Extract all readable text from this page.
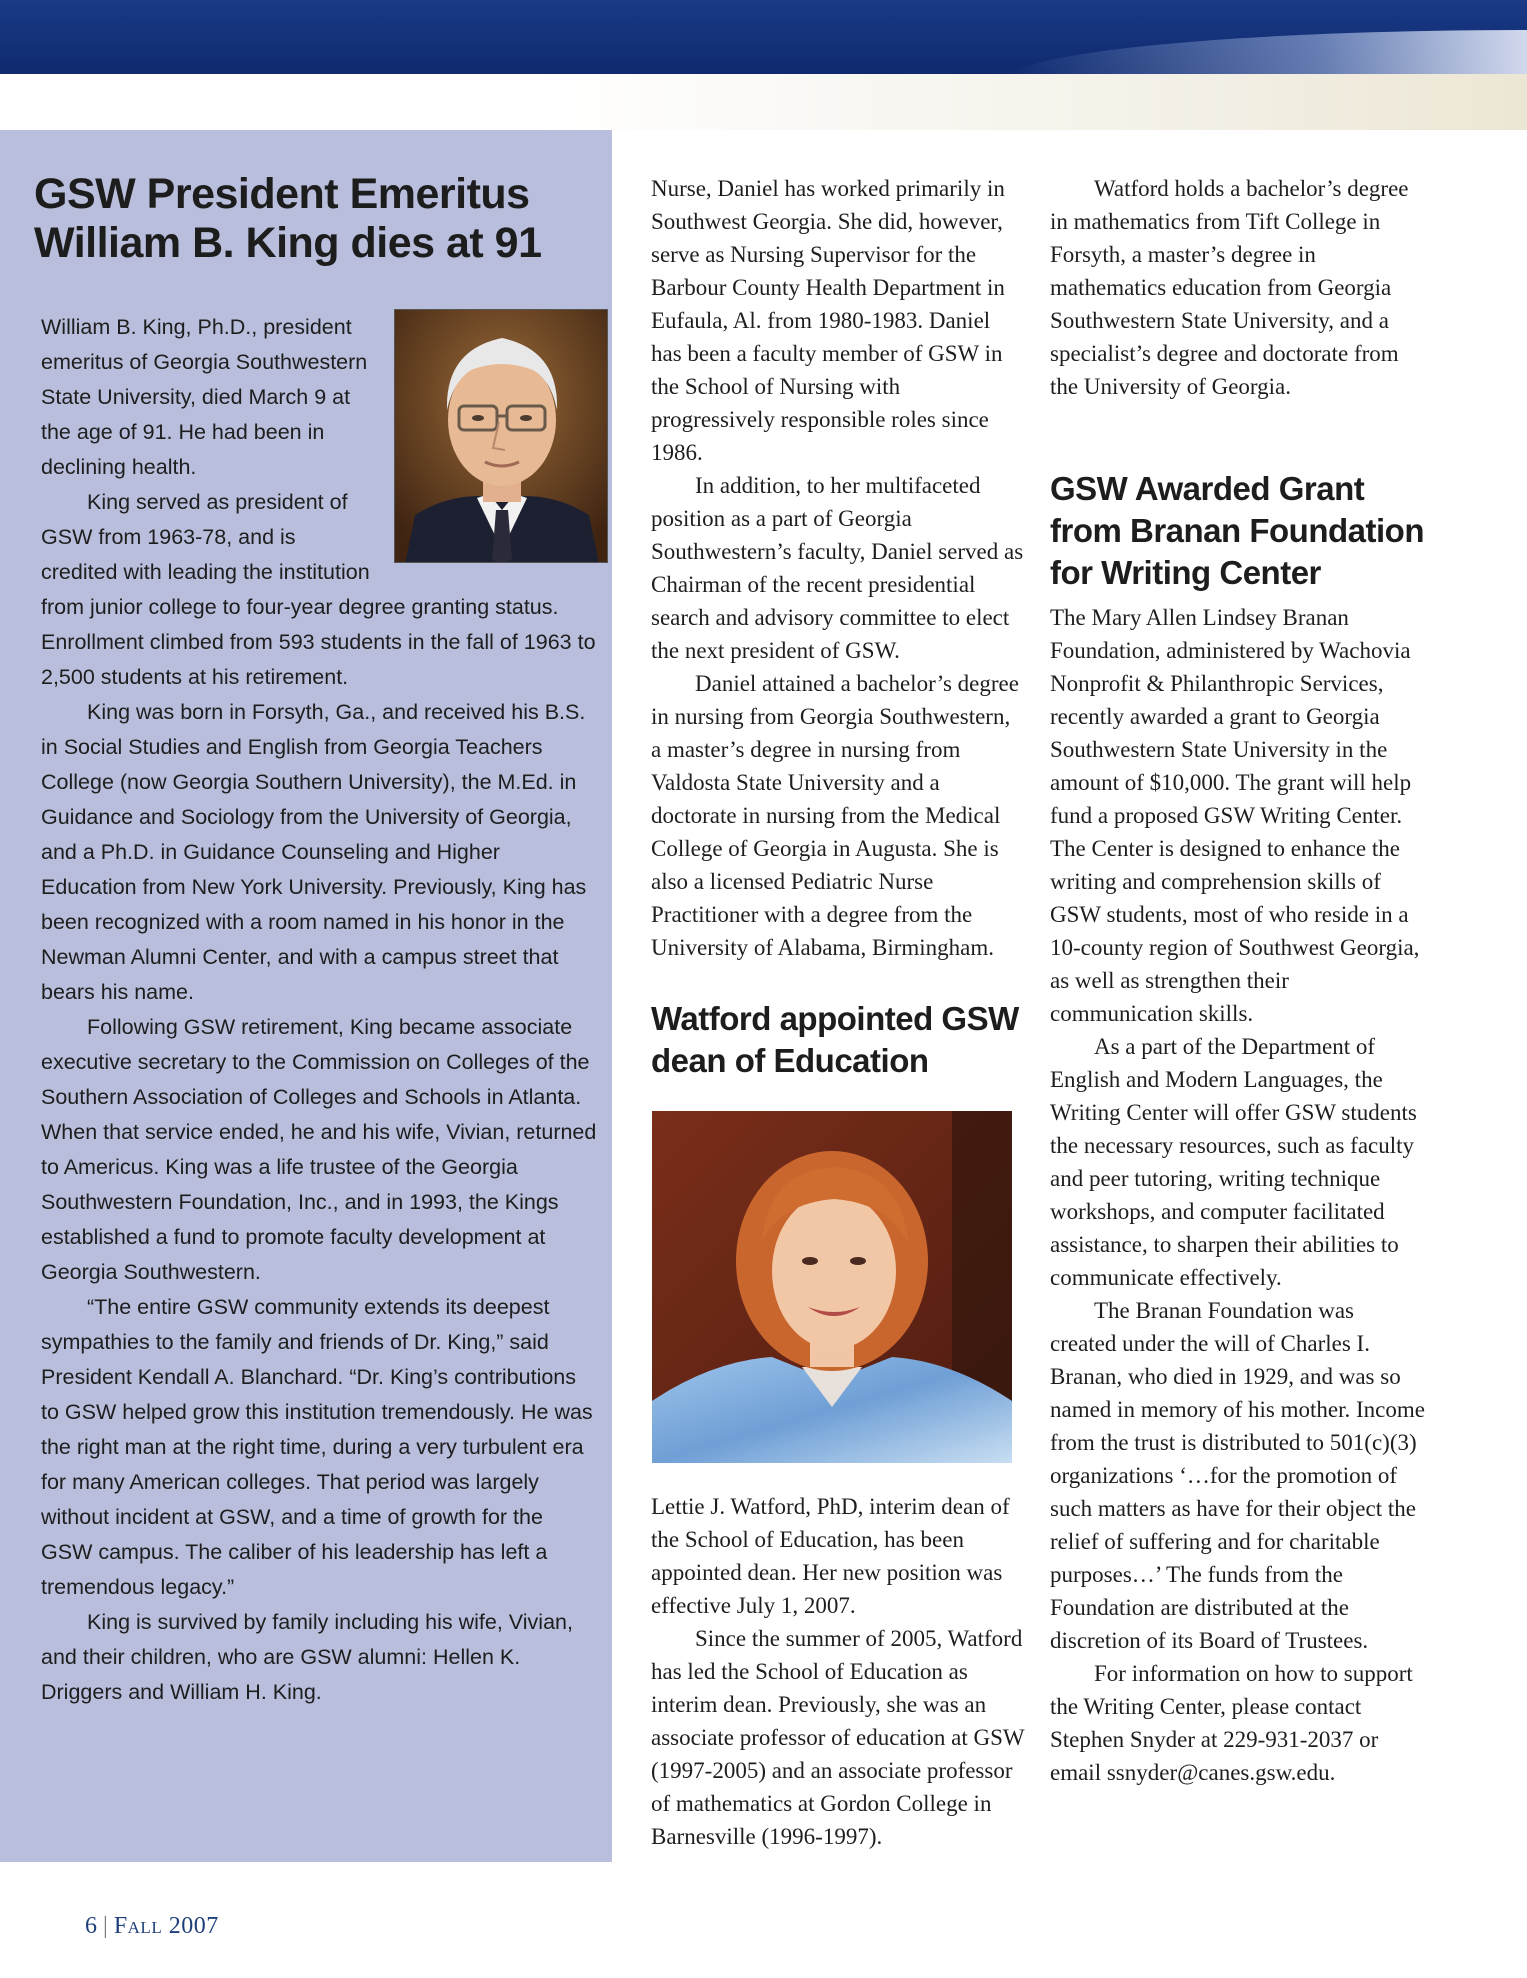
GSW President Emeritus William B. King dies at 91

William B. King, Ph.D., president emeritus of Georgia Southwestern State University, died March 9 at the age of 91. He had been in declining health.

King served as president of GSW from 1963-78, and is credited with leading the institution from junior college to four-year degree granting status. Enrollment climbed from 593 students in the fall of 1963 to 2,500 students at his retirement.

King was born in Forsyth, Ga., and received his B.S. in Social Studies and English from Georgia Teachers College (now Georgia Southern University), the M.Ed. in Guidance and Sociology from the University of Georgia, and a Ph.D. in Guidance Counseling and Higher Education from New York University. Previously, King has been recognized with a room named in his honor in the Newman Alumni Center, and with a campus street that bears his name.

Following GSW retirement, King became associate executive secretary to the Commission on Colleges of the Southern Association of Colleges and Schools in Atlanta. When that service ended, he and his wife, Vivian, returned to Americus. King was a life trustee of the Georgia Southwestern Foundation, Inc., and in 1993, the Kings established a fund to promote faculty development at Georgia Southwestern.

“The entire GSW community extends its deepest sympathies to the family and friends of Dr. King,” said President Kendall A. Blanchard. “Dr. King’s contributions to GSW helped grow this institution tremendously. He was the right man at the right time, during a very turbulent era for many American colleges. That period was largely without incident at GSW, and a time of growth for the GSW campus. The caliber of his leadership has left a tremendous legacy.”

King is survived by family including his wife, Vivian, and their children, who are GSW alumni: Hellen K. Driggers and William H. King.

Nurse, Daniel has worked primarily in Southwest Georgia. She did, however, serve as Nursing Supervisor for the Barbour County Health Department in Eufaula, Al. from 1980-1983. Daniel has been a faculty member of GSW in the School of Nursing with progressively responsible roles since 1986.

In addition, to her multifaceted position as a part of Georgia Southwestern’s faculty, Daniel served as Chairman of the recent presidential search and advisory committee to elect the next president of GSW.

Daniel attained a bachelor’s degree in nursing from Georgia Southwestern, a master’s degree in nursing from Valdosta State University and a doctorate in nursing from the Medical College of Georgia in Augusta. She is also a licensed Pediatric Nurse Practitioner with a degree from the University of Alabama, Birmingham.

Watford appointed GSW dean of Education

Lettie J. Watford, PhD, interim dean of the School of Education, has been appointed dean. Her new position was effective July 1, 2007.

Since the summer of 2005, Watford has led the School of Education as interim dean. Previously, she was an associate professor of education at GSW (1997-2005) and an associate professor of mathematics at Gordon College in Barnesville (1996-1997).

Watford holds a bachelor’s degree in mathematics from Tift College in Forsyth, a master’s degree in mathematics education from Georgia Southwestern State University, and a specialist’s degree and doctorate from the University of Georgia.

GSW Awarded Grant from Branan Foundation for Writing Center

The Mary Allen Lindsey Branan Foundation, administered by Wachovia Nonprofit & Philanthropic Services, recently awarded a grant to Georgia Southwestern State University in the amount of $10,000. The grant will help fund a proposed GSW Writing Center. The Center is designed to enhance the writing and comprehension skills of GSW students, most of who reside in a 10-county region of Southwest Georgia, as well as strengthen their communication skills.

As a part of the Department of English and Modern Languages, the Writing Center will offer GSW students the necessary resources, such as faculty and peer tutoring, writing technique workshops, and computer facilitated assistance, to sharpen their abilities to communicate effectively.

The Branan Foundation was created under the will of Charles I. Branan, who died in 1929, and was so named in memory of his mother. Income from the trust is distributed to 501(c)(3) organizations ‘…for the promotion of such matters as have for their object the relief of suffering and for charitable purposes…’ The funds from the Foundation are distributed at the discretion of its Board of Trustees.

For information on how to support the Writing Center, please contact Stephen Snyder at 229-931-2037 or email ssnyder@canes.gsw.edu.

6 | Fall 2007
